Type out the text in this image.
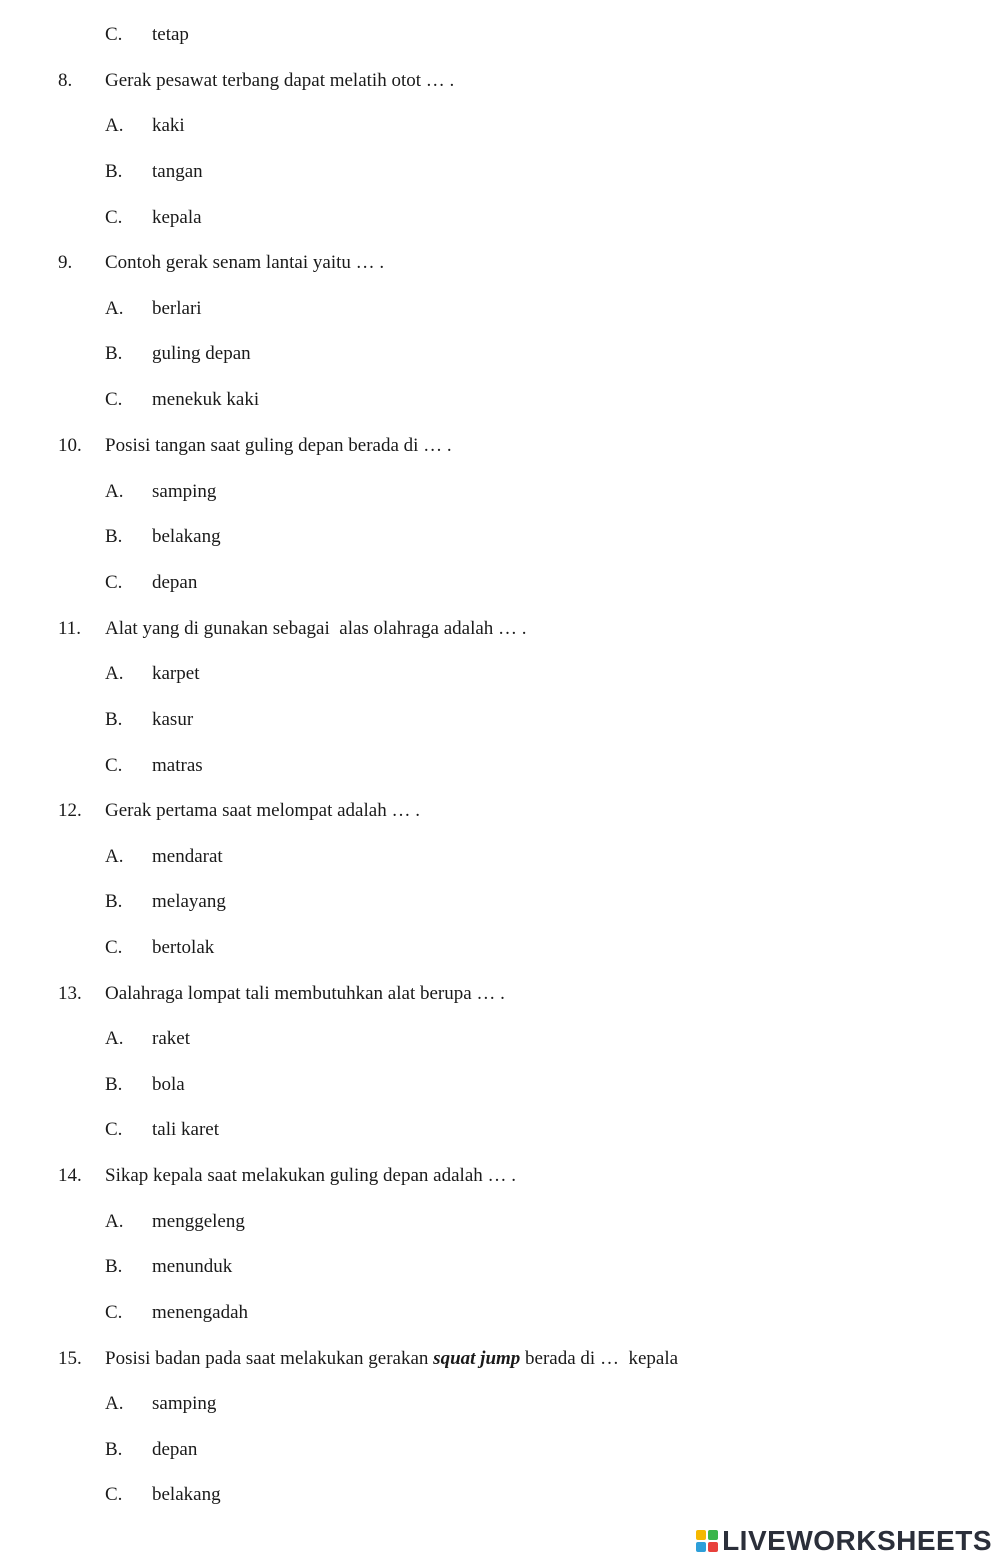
C. tetap
8. Gerak pesawat terbang dapat melatih otot … .
A. kaki
B. tangan
C. kepala
9. Contoh gerak senam lantai yaitu … .
A. berlari
B. guling depan
C. menekuk kaki
10. Posisi tangan saat guling depan berada di … .
A. samping
B. belakang
C. depan
11. Alat yang di gunakan sebagai  alas olahraga adalah … .
A. karpet
B. kasur
C. matras
12. Gerak pertama saat melompat adalah … .
A. mendarat
B. melayang
C. bertolak
13. Oalahraga lompat tali membutuhkan alat berupa … .
A. raket
B. bola
C. tali karet
14. Sikap kepala saat melakukan guling depan adalah … .
A. menggeleng
B. menunduk
C. menengadah
15. Posisi badan pada saat melakukan gerakan squat jump berada di …  kepala
A. samping
B. depan
C. belakang
LIVEWORKSHEETS
